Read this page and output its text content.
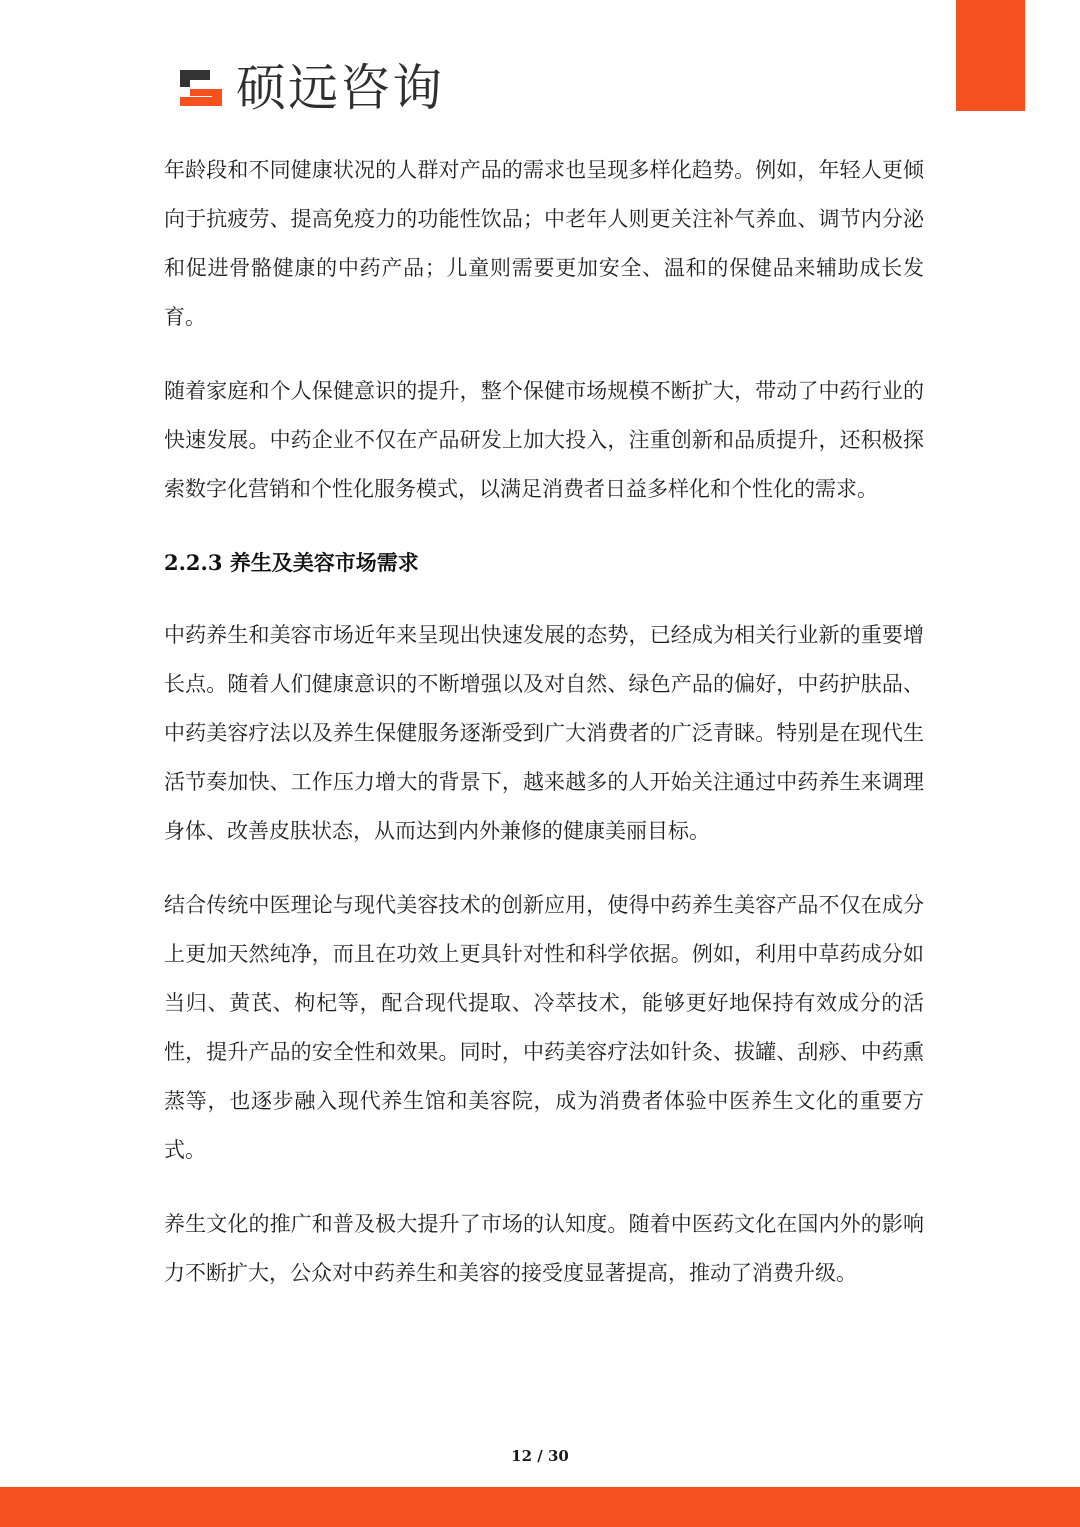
硕远咨询

年龄段和不同健康状况的人群对产品的需求也呈现多样化趋势。例如，年轻人更倾向于抗疲劳、提高免疫力的功能性饮品；中老年人则更关注补气养血、调节内分泌和促进骨骼健康的中药产品；儿童则需要更加安全、温和的保健品来辅助成长发育。

随着家庭和个人保健意识的提升，整个保健市场规模不断扩大，带动了中药行业的快速发展。中药企业不仅在产品研发上加大投入，注重创新和品质提升，还积极探索数字化营销和个性化服务模式，以满足消费者日益多样化和个性化的需求。

2.2.3 养生及美容市场需求

中药养生和美容市场近年来呈现出快速发展的态势，已经成为相关行业新的重要增长点。随着人们健康意识的不断增强以及对自然、绿色产品的偏好，中药护肤品、中药美容疗法以及养生保健服务逐渐受到广大消费者的广泛青睐。特别是在现代生活节奏加快、工作压力增大的背景下，越来越多的人开始关注通过中药养生来调理身体、改善皮肤状态，从而达到内外兼修的健康美丽目标。

结合传统中医理论与现代美容技术的创新应用，使得中药养生美容产品不仅在成分上更加天然纯净，而且在功效上更具针对性和科学依据。例如，利用中草药成分如当归、黄芪、枸杞等，配合现代提取、冷萃技术，能够更好地保持有效成分的活性，提升产品的安全性和效果。同时，中药美容疗法如针灸、拔罐、刮痧、中药熏蒸等，也逐步融入现代养生馆和美容院，成为消费者体验中医养生文化的重要方式。

养生文化的推广和普及极大提升了市场的认知度。随着中医药文化在国内外的影响力不断扩大，公众对中药养生和美容的接受度显著提高，推动了消费升级。

12 / 30
